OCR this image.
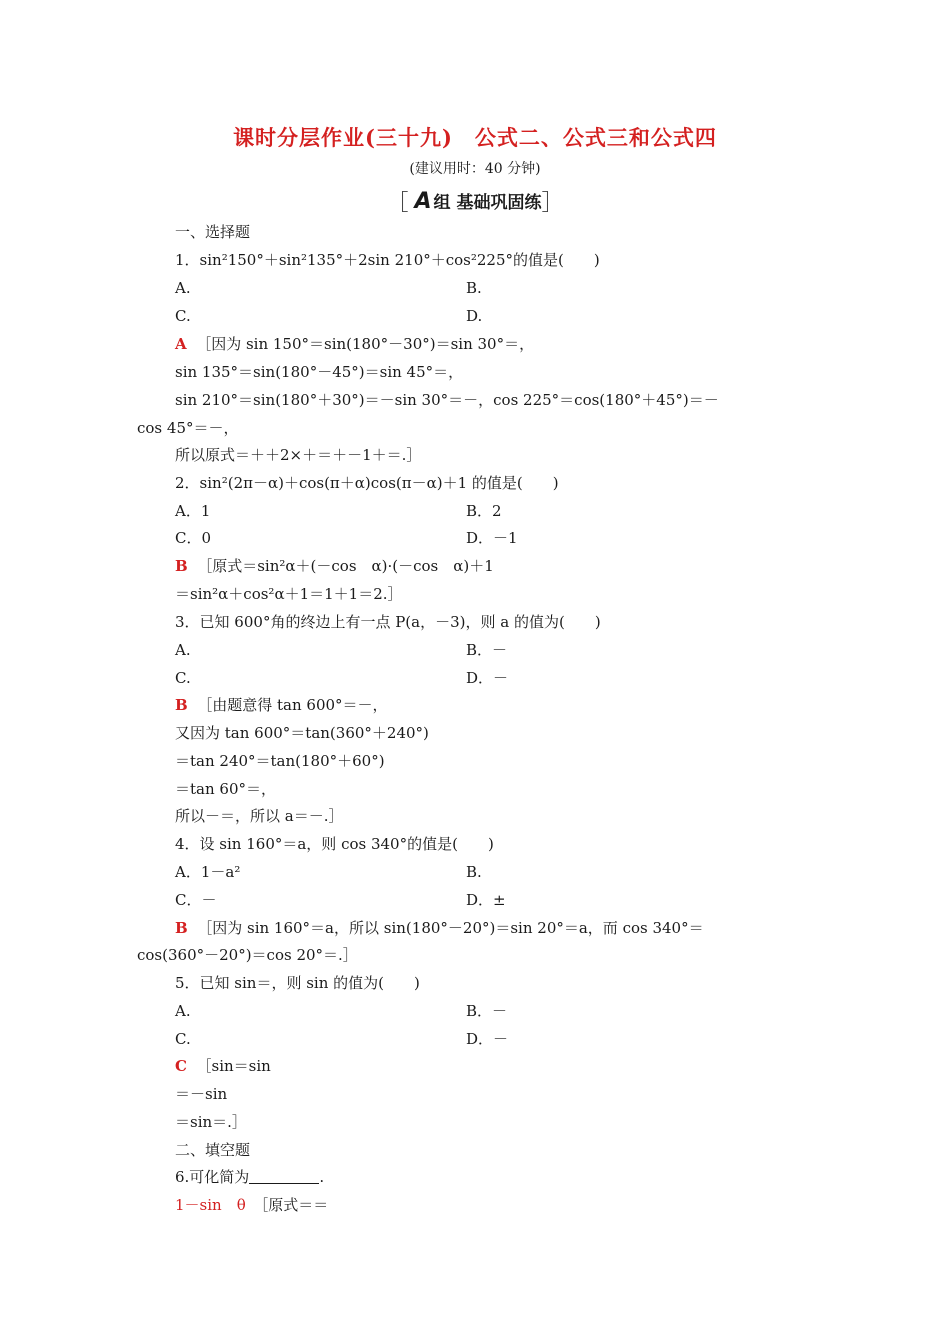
课时分层作业(三十九)　公式二、公式三和公式四
(建议用时：40 分钟)
［ A 组 基础巩固练］
一、选择题
1．sin²150°＋sin²135°＋2sin 210°＋cos²225°的值是(　　)
A.	B.
C.	D.
A ［因为 sin 150°＝sin(180°－30°)＝sin 30°＝，
sin 135°＝sin(180°－45°)＝sin 45°＝，
sin 210°＝sin(180°＋30°)＝－sin 30°＝－，cos 225°＝cos(180°＋45°)＝－
cos 45°＝－，
所以原式＝＋＋2×＋＝＋－1＋＝.］
2．sin²(2π－α)＋cos(π＋α)cos(π－α)＋1 的值是(　　)
A．1	B．2
C．0	D．－1
B ［原式＝sin²α＋(－cos　α)·(－cos　α)＋1
＝sin²α＋cos²α＋1＝1＋1＝2.］
3．已知 600°角的终边上有一点 P(a，－3)，则 a 的值为(　　)
A.	B．－
C.	D．－
B ［由题意得 tan 600°＝－，
又因为 tan 600°＝tan(360°＋240°)
＝tan 240°＝tan(180°＋60°)
＝tan 60°＝，
所以－＝，所以 a＝－.］
4．设 sin 160°＝a，则 cos 340°的值是(　　)
A．1－a²	B.
C．－	D．±
B ［因为 sin 160°＝a，所以 sin(180°－20°)＝sin 20°＝a，而 cos 340°＝
cos(360°－20°)＝cos 20°＝.］
5．已知 sin＝，则 sin 的值为(　　)
A.	B．－
C.	D．－
C ［sin＝sin
＝－sin
＝sin＝.］
二、填空题
6.可化简为	.
1－sin　θ　［原式＝＝
